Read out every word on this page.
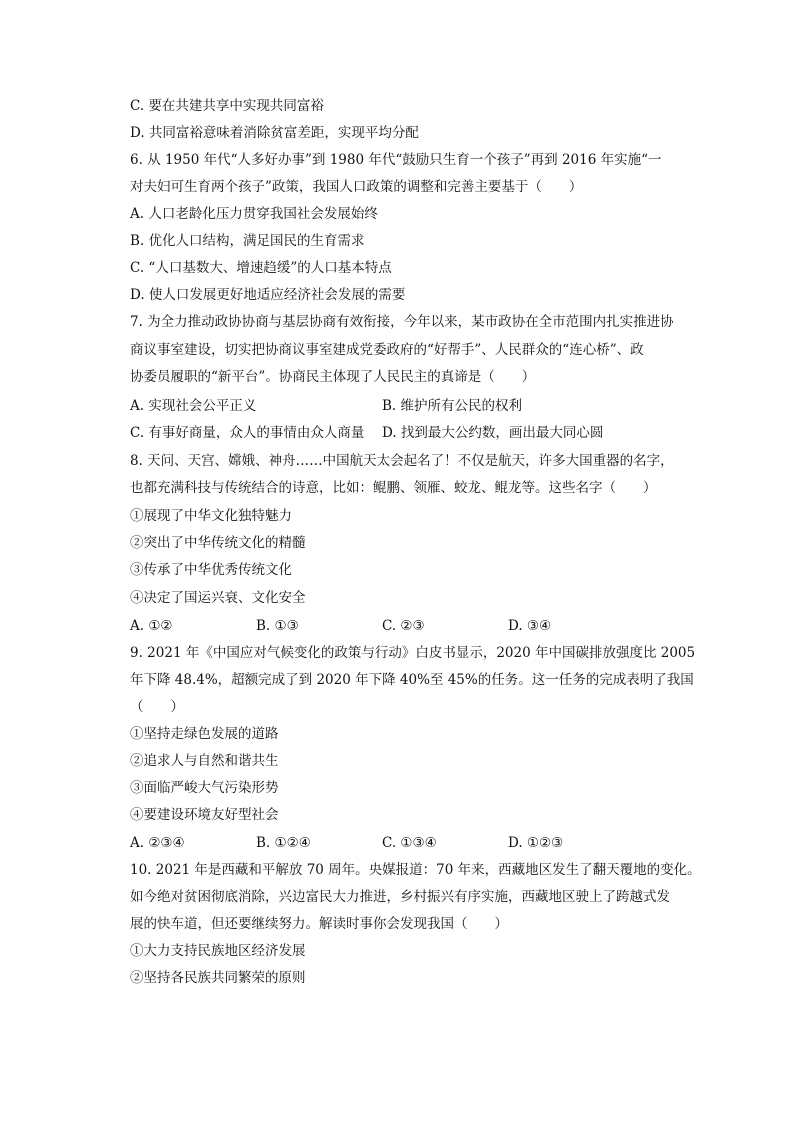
C. 要在共建共享中实现共同富裕
D. 共同富裕意味着消除贫富差距，实现平均分配
6. 从 1950 年代“人多好办事”到 1980 年代“鼓励只生育一个孩子”再到 2016 年实施“一
对夫妇可生育两个孩子”政策，我国人口政策的调整和完善主要基于（　　）
A. 人口老龄化压力贯穿我国社会发展始终
B. 优化人口结构，满足国民的生育需求
C. “人口基数大、增速趋缓”的人口基本特点
D. 使人口发展更好地适应经济社会发展的需要
7. 为全力推动政协协商与基层协商有效衔接，今年以来，某市政协在全市范围内扎实推进协
商议事室建设，切实把协商议事室建成党委政府的“好帮手”、人民群众的“连心桥”、政
协委员履职的“新平台”。协商民主体现了人民民主的真谛是（　　）
A. 实现社会公平正义	B. 维护所有公民的权利
C. 有事好商量，众人的事情由众人商量 D. 找到最大公约数，画出最大同心圆
8. 天问、天宫、嫦娥、神舟……中国航天太会起名了！不仅是航天，许多大国重器的名字，
也都充满科技与传统结合的诗意，比如：鲲鹏、领雁、蛟龙、鲲龙等。这些名字（　　）
①展现了中华文化独特魅力
②突出了中华传统文化的精髓
③传承了中华优秀传统文化
④决定了国运兴衰、文化安全
A. ①②	B. ①③	C. ②③	D. ③④
9. 2021 年《中国应对气候变化的政策与行动》白皮书显示，2020 年中国碳排放强度比 2005
年下降 48.4%，超额完成了到 2020 年下降 40%至 45%的任务。这一任务的完成表明了我国
（　　）
①坚持走绿色发展的道路
②追求人与自然和谐共生
③面临严峻大气污染形势
④要建设环境友好型社会
A. ②③④	B. ①②④	C. ①③④	D. ①②③
10. 2021 年是西藏和平解放 70 周年。央媒报道：70 年来，西藏地区发生了翻天覆地的变化。
如今绝对贫困彻底消除，兴边富民大力推进，乡村振兴有序实施，西藏地区驶上了跨越式发
展的快车道，但还要继续努力。解读时事你会发现我国（　　）
①大力支持民族地区经济发展
②坚持各民族共同繁荣的原则
